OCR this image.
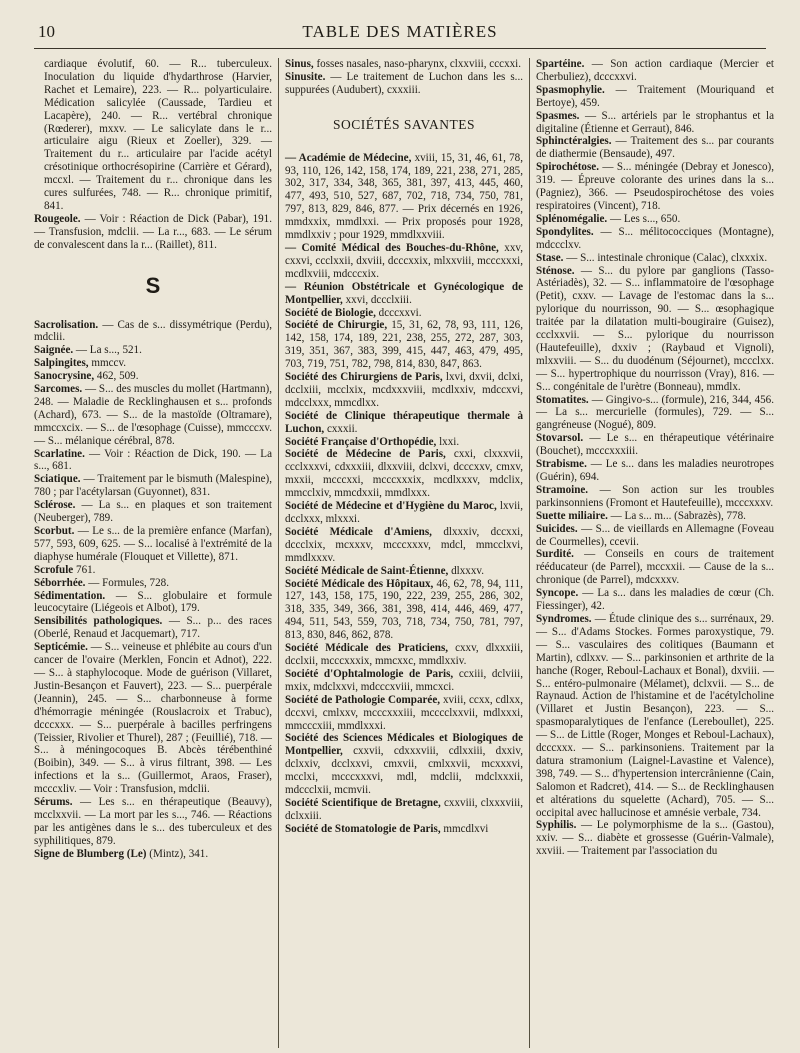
10	TABLE DES MATIÈRES

cardiaque évolutif, 60. — R... tuberculeux. Inoculation du liquide d'hydarthrose (Harvier, Rachet et Lemaire), 223. — R... polyarticulaire. Médication salicylée (Caussade, Tardieu et Lacapère), 240. — R... vertébral chronique (Rœderer), mxxv. — Le salicylate dans le r... articulaire aigu (Rieux et Zoeller), 329. — Traitement du r... articulaire par l'acide acétyl crésotinique orthocrésopirine (Carrière et Gérard), mccxl. — Traitement du r... chronique dans les cures sulfurées, 748. — R... chronique primitif, 841.

Rougeole. — Voir : Réaction de Dick (Pabar), 191. — Transfusion, mdclii. — La r..., 683. — Le sérum de convalescent dans la r... (Raillet), 811.

S

Sacrolisation. — Cas de s... dissymétrique (Perdu), mdclii.

Saignée. — La s..., 521.

Salpingites, mmccv.

Sanocrysine, 462, 509.

Sarcomes. — S... des muscles du mollet (Hartmann), 248. — Maladie de Recklinghausen et s... profonds (Achard), 673. — S... de la mastoïde (Oltramare), mmccxcix. — S... de l'œsophage (Cuisse), mmcccxv. — S... mélanique cérébral, 878.

Scarlatine. — Voir : Réaction de Dick, 190. — La s..., 681.

Sciatique. — Traitement par le bismuth (Malespine), 780 ; par l'acétylarsan (Guyonnet), 831.

Sclérose. — La s... en plaques et son traitement (Neuberger), 789.

Scorbut. — Le s... de la première enfance (Marfan), 577, 593, 609, 625. — S... localisé à l'extrémité de la diaphyse humérale (Flouquet et Villette), 871.

Scrofule 761.

Séborrhée. — Formules, 728.

Sédimentation. — S... globulaire et formule leucocytaire (Liégeois et Albot), 179.

Sensibilités pathologiques. — S... p... des races (Oberlé, Renaud et Jacquemart), 717.

Septicémie. — S... veineuse et phlébite au cours d'un cancer de l'ovaire (Merklen, Foncin et Adnot), 222. — S... à staphylocoque. Mode de guérison (Villaret, Justin-Besançon et Fauvert), 223. — S... puerpérale (Jeannin), 245. — S... charbonneuse à forme d'hémorragie méningée (Rouslacroix et Trabuc), dcccxxx. — S... puerpérale à bacilles perfringens (Teissier, Rivolier et Thurel), 287 ; (Feuillié), 718. — S... à méningocoques B. Abcès térébenthiné (Boibin), 349. — S... à virus filtrant, 398. — Les infections et la s... (Guillermot, Araos, Fraser), mcccxliv. — Voir : Transfusion, mdclii.

Sérums. — Les s... en thérapeutique (Beauvy), mcclxxvii. — La mort par les s..., 746. — Réactions par les antigènes dans le s... des tuberculeux et des syphilitiques, 879.

Signe de Blumberg (Le) (Mintz), 341.

Sinus, fosses nasales, naso-pharynx, clxxviii, cccxxi.

Sinusite. — Le traitement de Luchon dans les s... suppurées (Audubert), cxxxiii.

SOCIÉTÉS SAVANTES

— Académie de Médecine, xviii, 15, 31, 46, 61, 78, 93, 110, 126, 142, 158, 174, 189, 221, 238, 271, 285, 302, 317, 334, 348, 365, 381, 397, 413, 445, 460, 477, 493, 510, 527, 687, 702, 718, 734, 750, 781, 797, 813, 829, 846, 877. — Prix décernés en 1926, mmdxxix, mmdlxxi. — Prix proposés pour 1928, mmdlxxiv ; pour 1929, mmdlxxviii.

— Comité Médical des Bouches-du-Rhône, xxv, cxxvi, ccclxxii, dxviii, dcccxxix, mlxxviii, mcccxxxi, mcdlxviii, mdcccxix.

— Réunion Obstétricale et Gynécologique de Montpellier, xxvi, dccclxiii.

Société de Biologie, dcccxxvi.

Société de Chirurgie, 15, 31, 62, 78, 93, 111, 126, 142, 158, 174, 189, 221, 238, 255, 272, 287, 303, 319, 351, 367, 383, 399, 415, 447, 463, 479, 495, 703, 719, 751, 782, 798, 814, 830, 847, 863.

Société des Chirurgiens de Paris, lxvi, dxvii, dclxi, dcclxiii, mcclxix, mcdxxxviii, mcdlxxiv, mdccxvi, mdcclxxx, mmcdlxx.

Société de Clinique thérapeutique thermale à Luchon, cxxxii.

Société Française d'Orthopédie, lxxi.

Société de Médecine de Paris, cxxi, clxxxvii, ccclxxxvi, cdxxxiii, dlxxviii, dclxvi, dcccxxv, cmxv, mxxii, mcccxxi, mcccxxxix, mcdlxxxv, mdclix, mmcclxiv, mmcdxxii, mmdlxxx.

Société de Médecine et d'Hygiène du Maroc, lxvii, dcclxxx, mlxxxi.

Société Médicale d'Amiens, dlxxxiv, dccxxi, dccclxix, mcxxxv, mcccxxxv, mdcl, mmcclxvi, mmdlxxxv.

Société Médicale de Saint-Étienne, dlxxxv.

Société Médicale des Hôpitaux, 46, 62, 78, 94, 111, 127, 143, 158, 175, 190, 222, 239, 255, 286, 302, 318, 335, 349, 366, 381, 398, 414, 446, 469, 477, 494, 511, 543, 559, 703, 718, 734, 750, 781, 797, 813, 830, 846, 862, 878.

Société Médicale des Praticiens, cxxv, dlxxxiii, dcclxii, mcccxxxix, mmcxxc, mmdlxxiv.

Société d'Ophtalmologie de Paris, ccxiii, dclviii, mxix, mdclxxvi, mdcccxviii, mmcxci.

Société de Pathologie Comparée, xviii, ccxx, cdlxx, dccxvi, cmlxxv, mcccxxxiii, mcccclxxvii, mdlxxxi, mmcccxiii, mmdlxxxi.

Société des Sciences Médicales et Biologiques de Montpellier, cxxvii, cdxxxviii, cdlxxiii, dxxiv, dclxxiv, dcclxxvi, cmxvii, cmlxxvii, mcxxxvi, mcclxi, mcccxxxvi, mdl, mdclii, mdclxxxii, mdccclxii, mcmvii.

Société Scientifique de Bretagne, cxxviii, clxxxviii, dclxxiii.

Société de Stomatologie de Paris, mmcdlxvi

Spartéine. — Son action cardiaque (Mercier et Cherbuliez), dcccxxvi.

Spasmophylie. — Traitement (Mouriquand et Bertoye), 459.

Spasmes. — S... artériels par le strophantus et la digitaline (Étienne et Gerraut), 846.

Sphinctéralgies. — Traitement des s... par courants de diathermie (Bensaude), 497.

Spirochétose. — S... méningée (Debray et Jonesco), 319. — Épreuve colorante des urines dans la s... (Pagniez), 366. — Pseudospirochétose des voies respiratoires (Vincent), 718.

Splénomégalie. — Les s..., 650.

Spondylites. — S... mélitococciques (Montagne), mdccclxv.

Stase. — S... intestinale chronique (Calac), clxxxix.

Sténose. — S... du pylore par ganglions (Tasso-Astériadès), 32. — S... inflammatoire de l'œsophage (Petit), cxxv. — Lavage de l'estomac dans la s... pylorique du nourrisson, 90. — S... œsophagique traitée par la dilatation multi-bougiraire (Guisez), ccclxxvii. — S... pylorique du nourrisson (Hautefeuille), dxxiv ; (Raybaud et Vignoli), mlxxviii. — S... du duodénum (Séjournet), mccclxx. — S... hypertrophique du nourrisson (Vray), 816. — S... congénitale de l'urètre (Bonneau), mmdlx.

Stomatites. — Gingivo-s... (formule), 216, 344, 456. — La s... mercurielle (formules), 729. — S... gangréneuse (Nogué), 809.

Stovarsol. — Le s... en thérapeutique vétérinaire (Bouchet), mcccxxxiii.

Strabisme. — Le s... dans les maladies neurotropes (Guérin), 694.

Stramoine. — Son action sur les troubles parkinsonniens (Fromont et Hautefeuille), mcccxxxv.

Suette miliaire. — La s... m... (Sabrazès), 778.

Suicides. — S... de vieillards en Allemagne (Foveau de Courmelles), ccevii.

Surdité. — Conseils en cours de traitement rééducateur (de Parrel), mccxxii. — Cause de la s... chronique (de Parrel), mdcxxxv.

Syncope. — La s... dans les maladies de cœur (Ch. Fiessinger), 42.

Syndromes. — Étude clinique des s... surrénaux, 29. — S... d'Adams Stockes. Formes paroxystique, 79. — S... vasculaires des colitiques (Baumann et Martin), cdlxxv. — S... parkinsonien et arthrite de la hanche (Roger, Reboul-Lachaux et Bonal), dxviii. — S... entéro-pulmonaire (Mélamet), dclxvii. — S... de Raynaud. Action de l'histamine et de l'acétylcholine (Villaret et Justin Besançon), 223. — S... spasmoparalytiques de l'enfance (Lereboullet), 225. — S... de Little (Roger, Monges et Reboul-Lachaux), dcccxxx. — S... parkinsoniens. Traitement par la datura stramonium (Laignel-Lavastine et Valence), 398, 749. — S... d'hypertension intercrânienne (Cain, Salomon et Radcret), 414. — S... de Recklinghausen et altérations du squelette (Achard), 705. — S... occipital avec hallucinose et amnésie verbale, 734.

Syphilis. — Le polymorphisme de la s... (Gastou), xxiv. — S... diabète et grossesse (Guérin-Valmale), xxviii. — Traitement par l'association du
